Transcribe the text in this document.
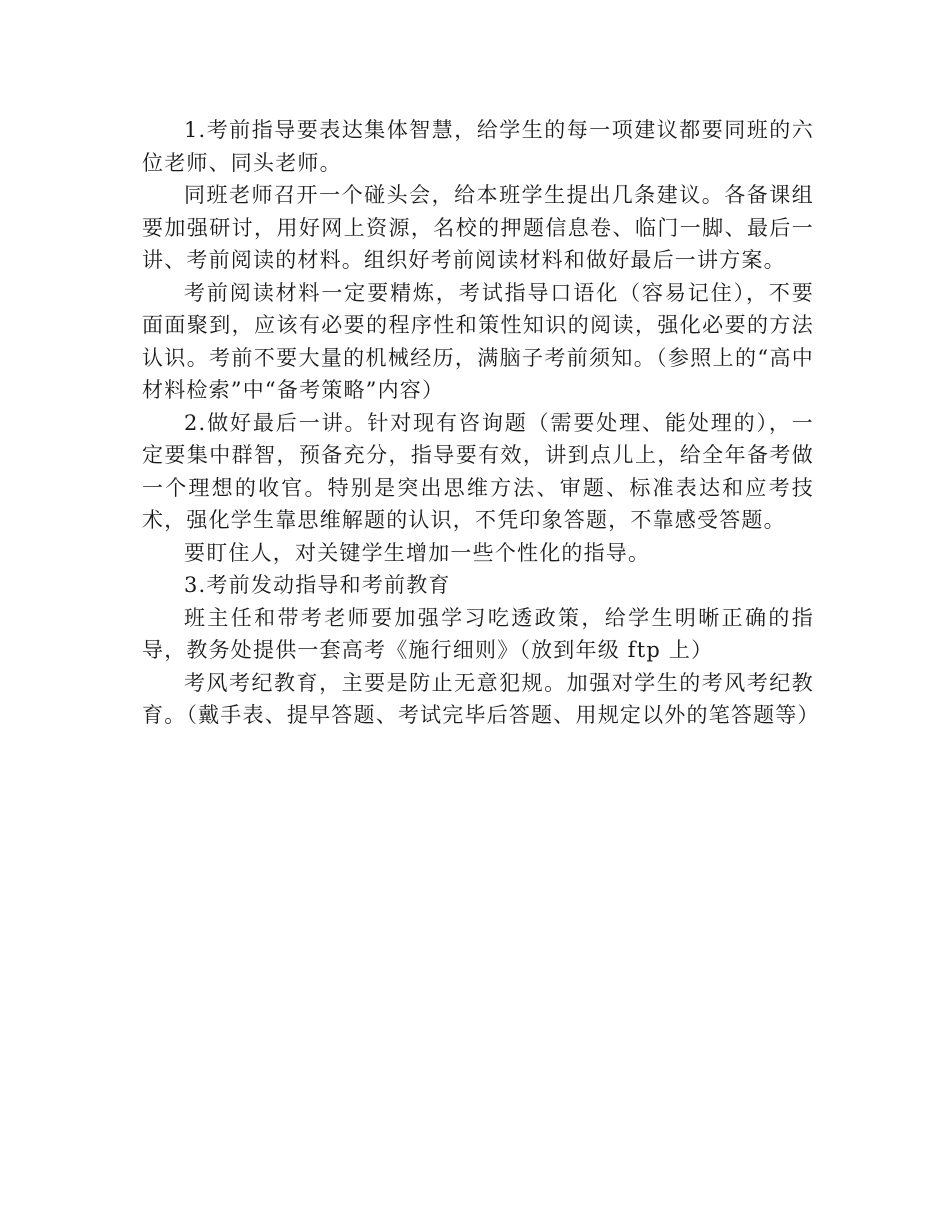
1.考前指导要表达集体智慧，给学生的每一项建议都要同班的六位老师、同头老师。

同班老师召开一个碰头会，给本班学生提出几条建议。各备课组要加强研讨，用好网上资源，名校的押题信息卷、临门一脚、最后一讲、考前阅读的材料。组织好考前阅读材料和做好最后一讲方案。

考前阅读材料一定要精炼，考试指导口语化（容易记住），不要面面聚到，应该有必要的程序性和策性知识的阅读，强化必要的方法认识。考前不要大量的机械经历，满脑子考前须知。（参照上的“高中材料检索”中“备考策略”内容）

2.做好最后一讲。针对现有咨询题（需要处理、能处理的），一定要集中群智，预备充分，指导要有效，讲到点儿上，给全年备考做一个理想的收官。特别是突出思维方法、审题、标准表达和应考技术，强化学生靠思维解题的认识，不凭印象答题，不靠感受答题。

要盯住人，对关键学生增加一些个性化的指导。

3.考前发动指导和考前教育

班主任和带考老师要加强学习吃透政策，给学生明晰正确的指导，教务处提供一套高考《施行细则》（放到年级 ftp 上）

考风考纪教育，主要是防止无意犯规。加强对学生的考风考纪教育。（戴手表、提早答题、考试完毕后答题、用规定以外的笔答题等）
